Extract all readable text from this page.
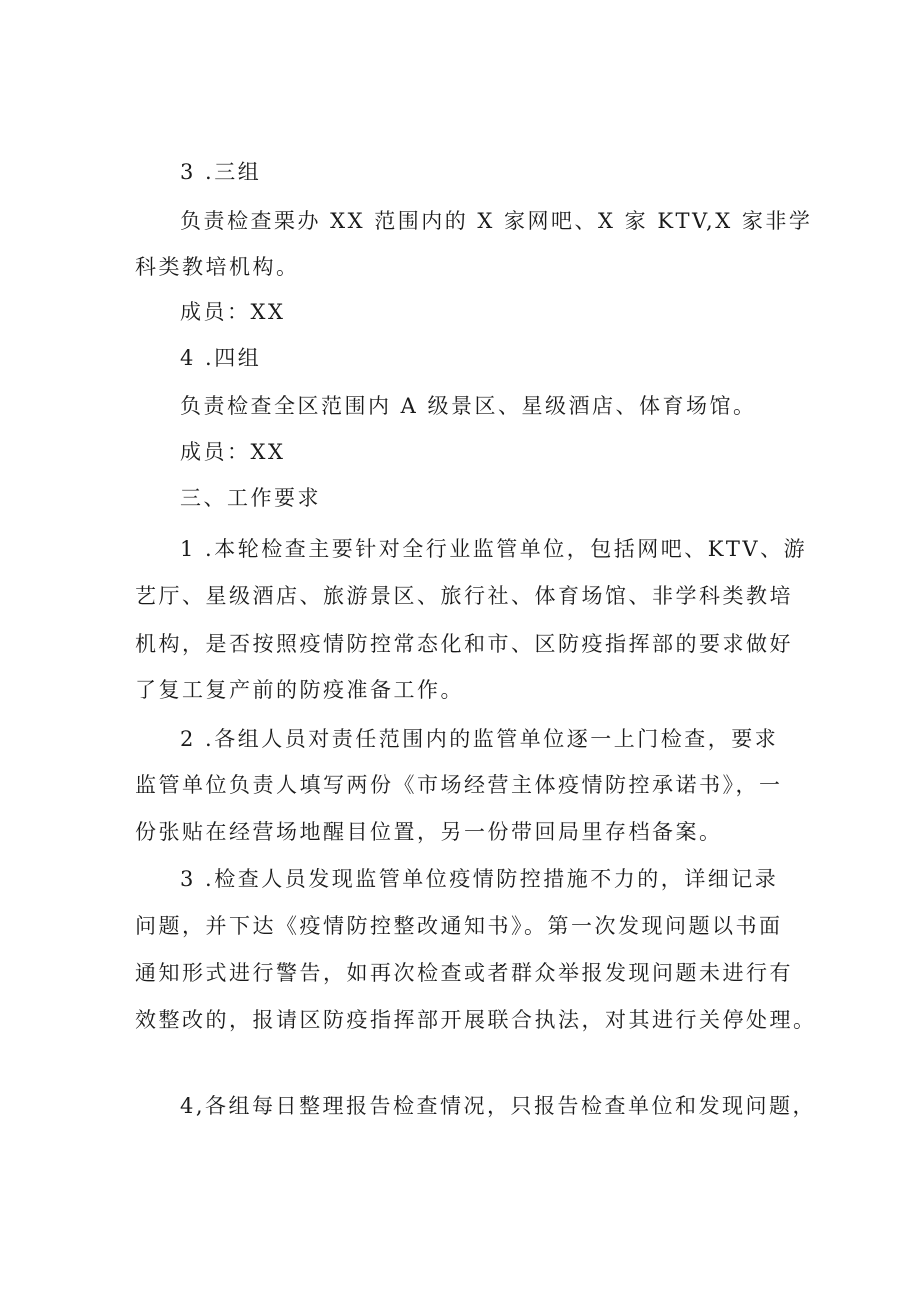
3 .三组
负责检查栗办 XX 范围内的 X 家网吧、X 家 KTV,X 家非学
科类教培机构。
成员：XX
4 .四组
负责检查全区范围内 A 级景区、星级酒店、体育场馆。
成员：XX
三、工作要求
1 .本轮检查主要针对全行业监管单位，包括网吧、KTV、游
艺厅、星级酒店、旅游景区、旅行社、体育场馆、非学科类教培
机构，是否按照疫情防控常态化和市、区防疫指挥部的要求做好
了复工复产前的防疫准备工作。
2 .各组人员对责任范围内的监管单位逐一上门检查，要求
监管单位负责人填写两份《市场经营主体疫情防控承诺书》，一
份张贴在经营场地醒目位置，另一份带回局里存档备案。
3 .检查人员发现监管单位疫情防控措施不力的，详细记录
问题，并下达《疫情防控整改通知书》。第一次发现问题以书面
通知形式进行警告，如再次检查或者群众举报发现问题未进行有
效整改的，报请区防疫指挥部开展联合执法，对其进行关停处理。
4,各组每日整理报告检查情况，只报告检查单位和发现问题，
